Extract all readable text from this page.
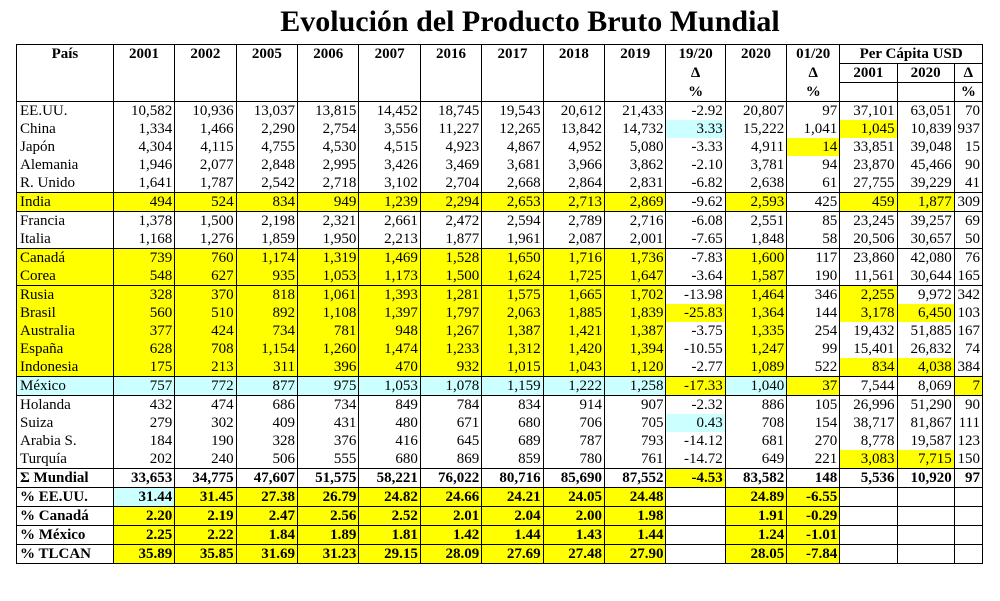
Evolución del Producto Bruto Mundial
País	2001	2002	2005	2006	2007	2016	2017	2018	2019	19/20	2020	01/20	Per Cápita USD		
										Δ		Δ	2001	2020	Δ
										%		%			%
EE.UU.	10,582	10,936	13,037	13,815	14,452	18,745	19,543	20,612	21,433	-2.92	20,807	97	37,101	63,051	70
China	1,334	1,466	2,290	2,754	3,556	11,227	12,265	13,842	14,732	3.33	15,222	1,041	1,045	10,839	937
Japón	4,304	4,115	4,755	4,530	4,515	4,923	4,867	4,952	5,080	-3.33	4,911	14	33,851	39,048	15
Alemania	1,946	2,077	2,848	2,995	3,426	3,469	3,681	3,966	3,862	-2.10	3,781	94	23,870	45,466	90
R. Unido	1,641	1,787	2,542	2,718	3,102	2,704	2,668	2,864	2,831	-6.82	2,638	61	27,755	39,229	41
India	494	524	834	949	1,239	2,294	2,653	2,713	2,869	-9.62	2,593	425	459	1,877	309
Francia	1,378	1,500	2,198	2,321	2,661	2,472	2,594	2,789	2,716	-6.08	2,551	85	23,245	39,257	69
Italia	1,168	1,276	1,859	1,950	2,213	1,877	1,961	2,087	2,001	-7.65	1,848	58	20,506	30,657	50
Canadá	739	760	1,174	1,319	1,469	1,528	1,650	1,716	1,736	-7.83	1,600	117	23,860	42,080	76
Corea	548	627	935	1,053	1,173	1,500	1,624	1,725	1,647	-3.64	1,587	190	11,561	30,644	165
Rusia	328	370	818	1,061	1,393	1,281	1,575	1,665	1,702	-13.98	1,464	346	2,255	9,972	342
Brasil	560	510	892	1,108	1,397	1,797	2,063	1,885	1,839	-25.83	1,364	144	3,178	6,450	103
Australia	377	424	734	781	948	1,267	1,387	1,421	1,387	-3.75	1,335	254	19,432	51,885	167
España	628	708	1,154	1,260	1,474	1,233	1,312	1,420	1,394	-10.55	1,247	99	15,401	26,832	74
Indonesia	175	213	311	396	470	932	1,015	1,043	1,120	-2.77	1,089	522	834	4,038	384
México	757	772	877	975	1,053	1,078	1,159	1,222	1,258	-17.33	1,040	37	7,544	8,069	7
Holanda	432	474	686	734	849	784	834	914	907	-2.32	886	105	26,996	51,290	90
Suiza	279	302	409	431	480	671	680	706	705	0.43	708	154	38,717	81,867	111
Arabia S.	184	190	328	376	416	645	689	787	793	-14.12	681	270	8,778	19,587	123
Turquía	202	240	506	555	680	869	859	780	761	-14.72	649	221	3,083	7,715	150
Σ Mundial	33,653	34,775	47,607	51,575	58,221	76,022	80,716	85,690	87,552	-4.53	83,582	148	5,536	10,920	97
% EE.UU.	31.44	31.45	27.38	26.79	24.82	24.66	24.21	24.05	24.48		24.89	-6.55			
% Canadá	2.20	2.19	2.47	2.56	2.52	2.01	2.04	2.00	1.98		1.91	-0.29			
% México	2.25	2.22	1.84	1.89	1.81	1.42	1.44	1.43	1.44		1.24	-1.01			
% TLCAN	35.89	35.85	31.69	31.23	29.15	28.09	27.69	27.48	27.90		28.05	-7.84			
